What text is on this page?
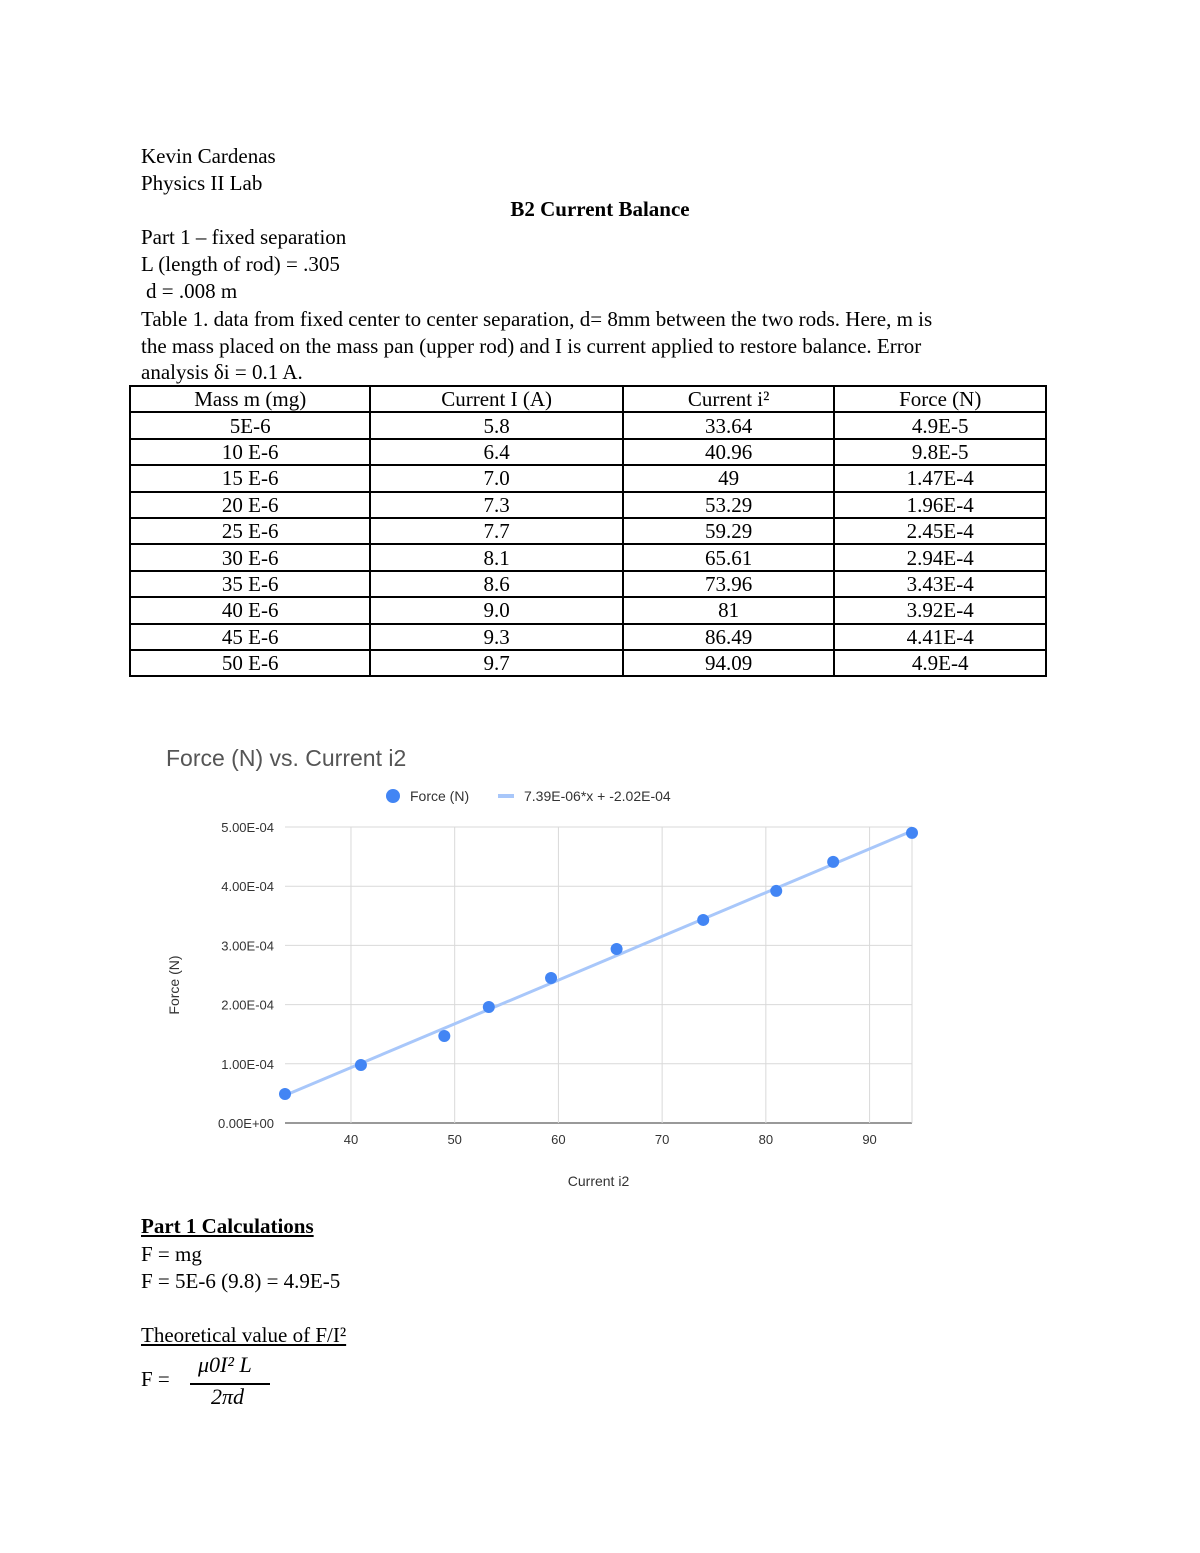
Kevin Cardenas
Physics II Lab
B2 Current Balance
Part 1 – fixed separation
L (length of rod) = .305
d = .008 m
Table 1. data from fixed center to center separation, d= 8mm between the two rods. Here, m is
the mass placed on the mass pan (upper rod) and I is current applied to restore balance. Error
analysis δi = 0.1 A.
Mass m (mg)	Current I (A)	Current i²	Force (N)
5E-6	5.8	33.64	4.9E-5
10 E-6	6.4	40.96	9.8E-5
15 E-6	7.0	49	1.47E-4
20 E-6	7.3	53.29	1.96E-4
25 E-6	7.7	59.29	2.45E-4
30 E-6	8.1	65.61	2.94E-4
35 E-6	8.6	73.96	3.43E-4
40 E-6	9.0	81	3.92E-4
45 E-6	9.3	86.49	4.41E-4
50 E-6	9.7	94.09	4.9E-4
Force (N) vs. Current i2
Force (N)	7.39E-06*x + -2.02E-04
0.00E+00
1.00E-04
2.00E-04
3.00E-04
4.00E-04
5.00E-04
40	50	60	70	80	90
Current i2
Force (N)
Part 1 Calculations
F = mg
F = 5E-6 (9.8) = 4.9E-5
Theoretical value of F/I²
F =
μ0I² L
2πd
